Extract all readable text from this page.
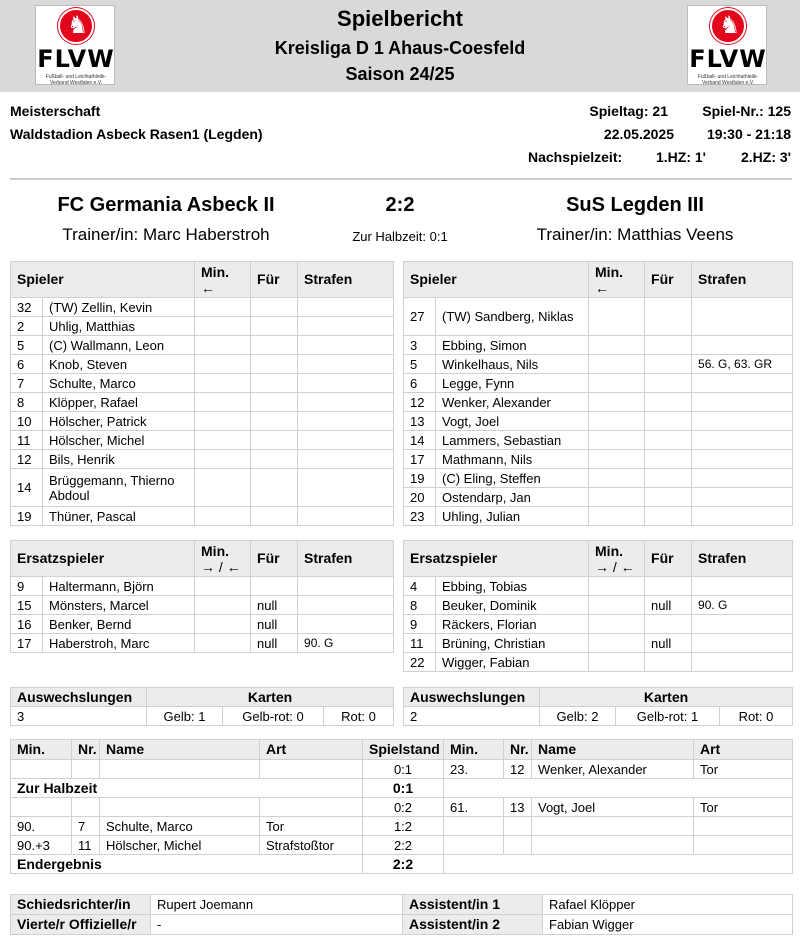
♞
FLVW
Fußball- und Leichtathletik-Verband Westfalen e.V.
Spielbericht
Kreisliga D 1 Ahaus-Coesfeld
Saison 24/25
♞
FLVW
Fußball- und Leichtathletik-Verband Westfalen e.V.
Meisterschaft
Waldstadion Asbeck Rasen1 (Legden)
Spieltag: 21 Spiel-Nr.: 125
22.05.2025 19:30 - 21:18
Nachspielzeit: 1.HZ: 1' 2.HZ: 3'
FC Germania Asbeck II	2:2	SuS Legden III
Trainer/in: Marc Haberstroh	Zur Halbzeit: 0:1	Trainer/in: Matthias Veens
Spieler		Min.
←	Für	Strafen
32	(TW) Zellin, Kevin			
2	Uhlig, Matthias			
5	(C) Wallmann, Leon			
6	Knob, Steven			
7	Schulte, Marco			
8	Klöpper, Rafael			
10	Hölscher, Patrick			
11	Hölscher, Michel			
12	Bils, Henrik			
14	Brüggemann, Thierno Abdoul			
19	Thüner, Pascal			
Spieler		Min.
←	Für	Strafen
27	(TW) Sandberg, Niklas			
3	Ebbing, Simon			
5	Winkelhaus, Nils			56. G, 63. GR
6	Legge, Fynn			
12	Wenker, Alexander			
13	Vogt, Joel			
14	Lammers, Sebastian			
17	Mathmann, Nils			
19	(C) Eling, Steffen			
20	Ostendarp, Jan			
23	Uhling, Julian			
Ersatzspieler		Min.
→ / ←	Für	Strafen
9	Haltermann, Björn			
15	Mönsters, Marcel		null	
16	Benker, Bernd		null	
17	Haberstroh, Marc		null	90. G
Ersatzspieler		Min.
→ / ←	Für	Strafen
4	Ebbing, Tobias			
8	Beuker, Dominik		null	90. G
9	Räckers, Florian			
11	Brüning, Christian		null	
22	Wigger, Fabian			
Auswechslungen	Karten		
3	Gelb: 1	Gelb-rot: 0	Rot: 0
Auswechslungen	Karten		
2	Gelb: 2	Gelb-rot: 1	Rot: 0
Min.	Nr.	Name	Art	Spielstand	Min.	Nr.	Name	Art
				0:1	23.	12	Wenker, Alexander	Tor
Zur Halbzeit				0:1				
				0:2	61.	13	Vogt, Joel	Tor
90.	7	Schulte, Marco	Tor	1:2				
90.+3	11	Hölscher, Michel	Strafstoßtor	2:2				
Endergebnis				2:2				
Schiedsrichter/in	Rupert Joemann	Assistent/in 1	Rafael Klöpper
Vierte/r Offizielle/r	-	Assistent/in 2	Fabian Wigger
